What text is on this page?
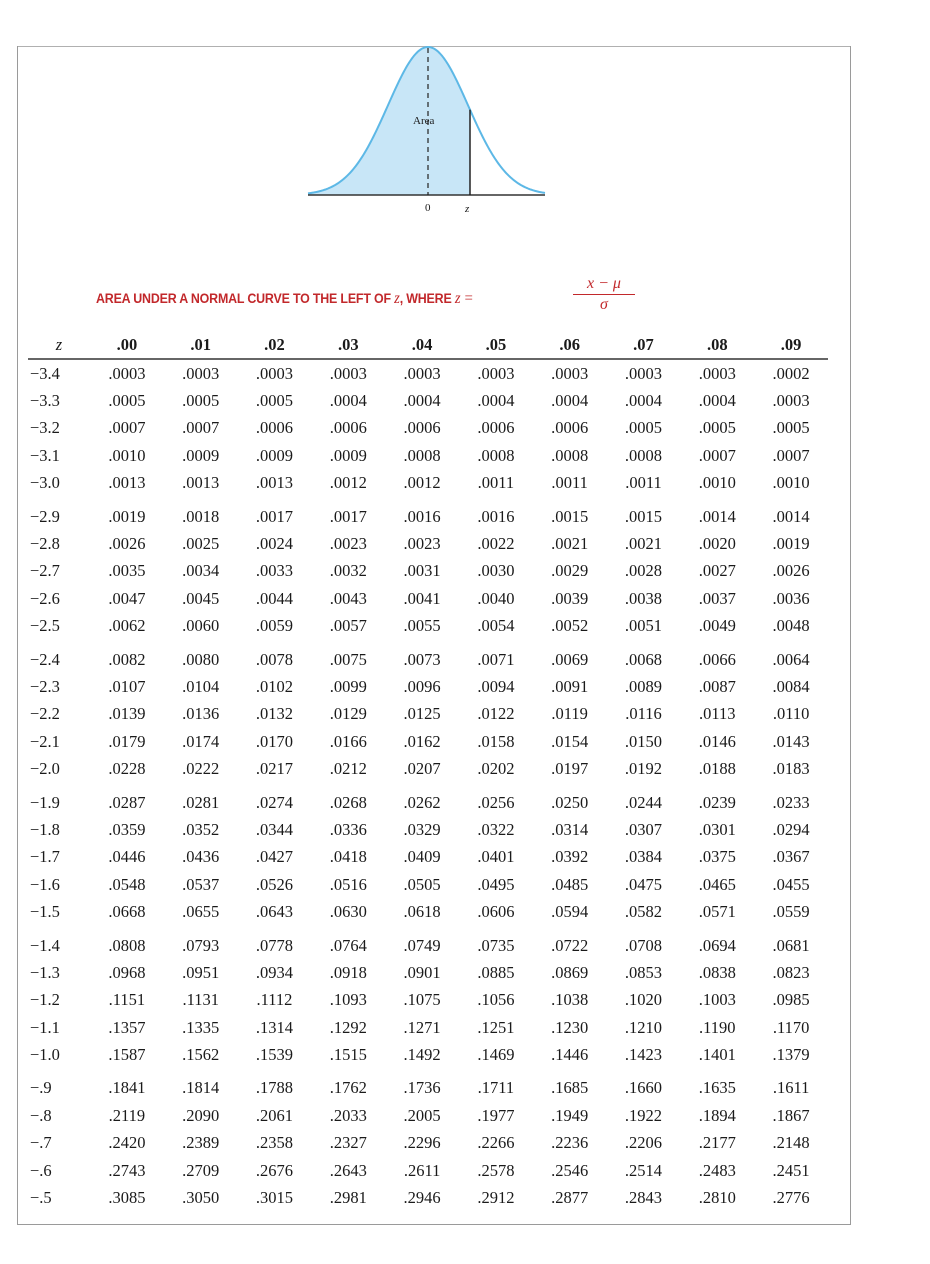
Area
0	z
AREA UNDER A NORMAL CURVE TO THE LEFT OF z, WHERE z =
x − μ
σ
z	.00	.01	.02	.03	.04	.05	.06	.07	.08	.09
−3.4	.0003	.0003	.0003	.0003	.0003	.0003	.0003	.0003	.0003	.0002
−3.3	.0005	.0005	.0005	.0004	.0004	.0004	.0004	.0004	.0004	.0003
−3.2	.0007	.0007	.0006	.0006	.0006	.0006	.0006	.0005	.0005	.0005
−3.1	.0010	.0009	.0009	.0009	.0008	.0008	.0008	.0008	.0007	.0007
−3.0	.0013	.0013	.0013	.0012	.0012	.0011	.0011	.0011	.0010	.0010
−2.9	.0019	.0018	.0017	.0017	.0016	.0016	.0015	.0015	.0014	.0014
−2.8	.0026	.0025	.0024	.0023	.0023	.0022	.0021	.0021	.0020	.0019
−2.7	.0035	.0034	.0033	.0032	.0031	.0030	.0029	.0028	.0027	.0026
−2.6	.0047	.0045	.0044	.0043	.0041	.0040	.0039	.0038	.0037	.0036
−2.5	.0062	.0060	.0059	.0057	.0055	.0054	.0052	.0051	.0049	.0048
−2.4	.0082	.0080	.0078	.0075	.0073	.0071	.0069	.0068	.0066	.0064
−2.3	.0107	.0104	.0102	.0099	.0096	.0094	.0091	.0089	.0087	.0084
−2.2	.0139	.0136	.0132	.0129	.0125	.0122	.0119	.0116	.0113	.0110
−2.1	.0179	.0174	.0170	.0166	.0162	.0158	.0154	.0150	.0146	.0143
−2.0	.0228	.0222	.0217	.0212	.0207	.0202	.0197	.0192	.0188	.0183
−1.9	.0287	.0281	.0274	.0268	.0262	.0256	.0250	.0244	.0239	.0233
−1.8	.0359	.0352	.0344	.0336	.0329	.0322	.0314	.0307	.0301	.0294
−1.7	.0446	.0436	.0427	.0418	.0409	.0401	.0392	.0384	.0375	.0367
−1.6	.0548	.0537	.0526	.0516	.0505	.0495	.0485	.0475	.0465	.0455
−1.5	.0668	.0655	.0643	.0630	.0618	.0606	.0594	.0582	.0571	.0559
−1.4	.0808	.0793	.0778	.0764	.0749	.0735	.0722	.0708	.0694	.0681
−1.3	.0968	.0951	.0934	.0918	.0901	.0885	.0869	.0853	.0838	.0823
−1.2	.1151	.1131	.1112	.1093	.1075	.1056	.1038	.1020	.1003	.0985
−1.1	.1357	.1335	.1314	.1292	.1271	.1251	.1230	.1210	.1190	.1170
−1.0	.1587	.1562	.1539	.1515	.1492	.1469	.1446	.1423	.1401	.1379
−.9	.1841	.1814	.1788	.1762	.1736	.1711	.1685	.1660	.1635	.1611
−.8	.2119	.2090	.2061	.2033	.2005	.1977	.1949	.1922	.1894	.1867
−.7	.2420	.2389	.2358	.2327	.2296	.2266	.2236	.2206	.2177	.2148
−.6	.2743	.2709	.2676	.2643	.2611	.2578	.2546	.2514	.2483	.2451
−.5	.3085	.3050	.3015	.2981	.2946	.2912	.2877	.2843	.2810	.2776
